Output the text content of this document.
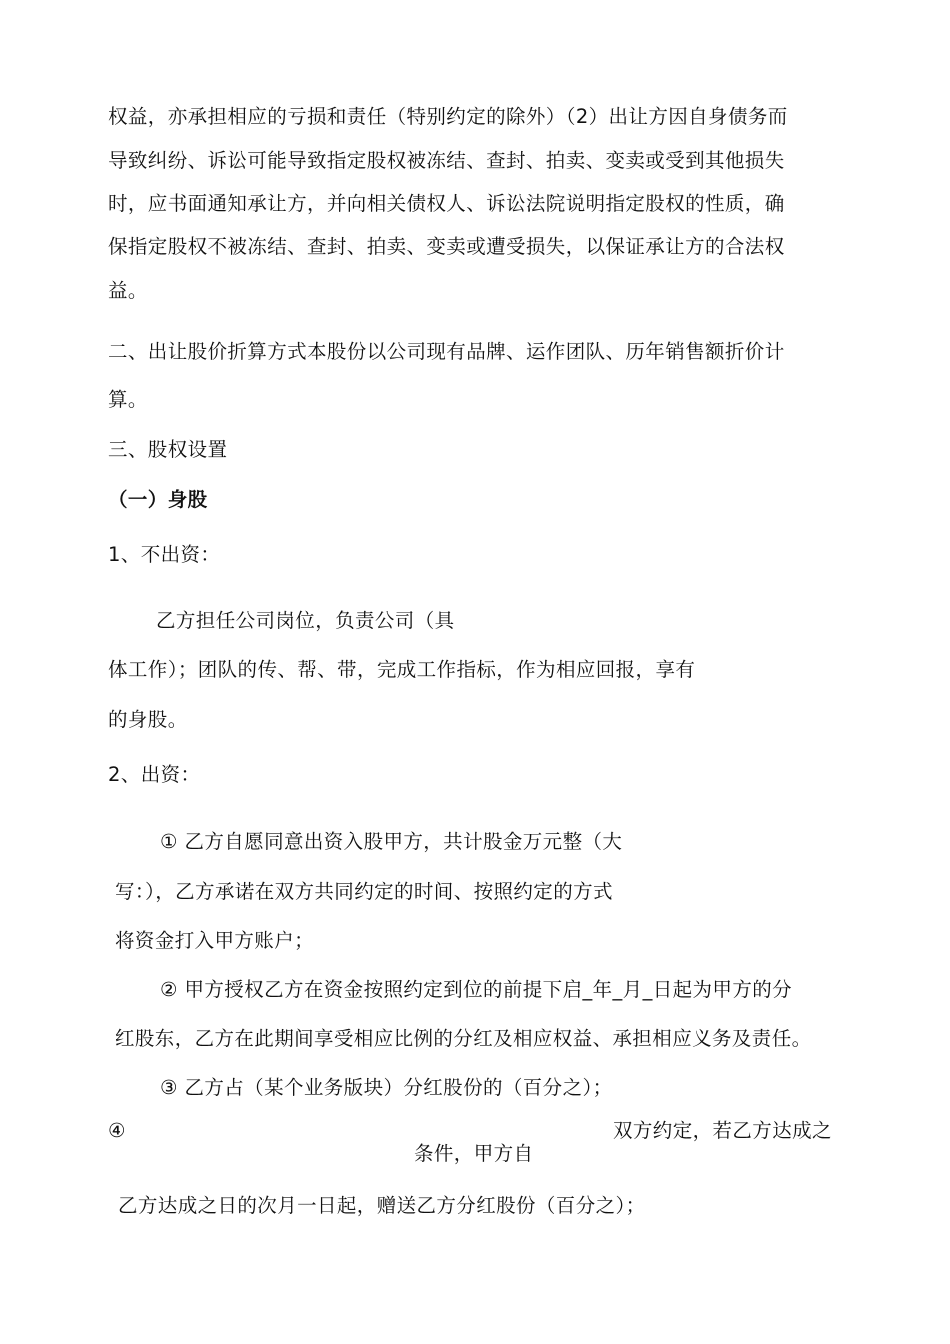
权益，亦承担相应的亏损和责任（特别约定的除外）（2）出让方因自身债务而
导致纠纷、诉讼可能导致指定股权被冻结、查封、拍卖、变卖或受到其他损失
时，应书面通知承让方，并向相关债权人、诉讼法院说明指定股权的性质，确
保指定股权不被冻结、查封、拍卖、变卖或遭受损失，以保证承让方的合法权
益。
二、出让股价折算方式本股份以公司现有品牌、运作团队、历年销售额折价计
算。
三、股权设置
（一）身股
1、不出资：
乙方担任公司岗位，负责公司（具
体工作）；团队的传、帮、带，完成工作指标，作为相应回报，享有
的身股。
2、出资：
① 乙方自愿同意出资入股甲方，共计股金万元整（大
写：），乙方承诺在双方共同约定的时间、按照约定的方式
将资金打入甲方账户；
② 甲方授权乙方在资金按照约定到位的前提下启_年_月_日起为甲方的分
红股东，乙方在此期间享受相应比例的分红及相应权益、承担相应义务及责任。
③ 乙方占（某个业务版块）分红股份的（百分之）；
④	双方约定，若乙方达成之
条件，甲方自
乙方达成之日的次月一日起，赠送乙方分红股份（百分之）；
